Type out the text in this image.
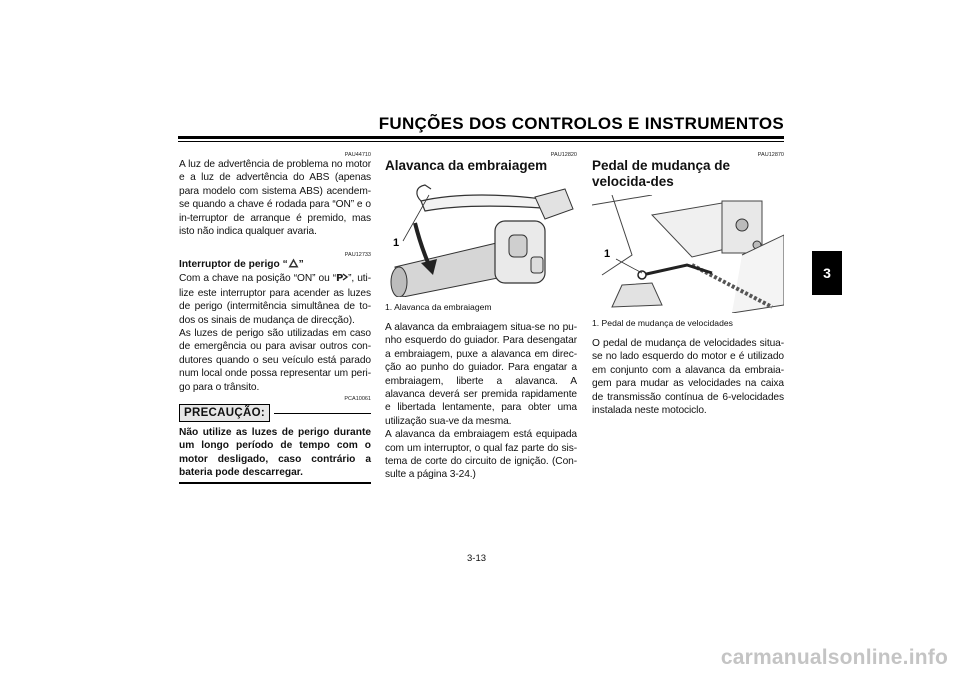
FUNÇÕES DOS CONTROLOS E INSTRUMENTOS
3
PAU44710

A luz de advertência de problema no motor e a luz de advertência do ABS (apenas para modelo com sistema ABS) acendem-se quando a chave é rodada para “ON” e o in-terruptor de arranque é premido, mas isto não indica qualquer avaria.

PAU12733
Interruptor de perigo “ ”

Com a chave na posição “ON” ou “ P ”, uti-lize este interruptor para acender as luzes de perigo (intermitência simultânea de to-dos os sinais de mudança de direcção).

As luzes de perigo são utilizadas em caso de emergência ou para avisar outros con-dutores quando o seu veículo está parado num local onde possa representar um peri-go para o trânsito.

PCA10061
PRECAUÇÃO:
Não utilize as luzes de perigo durante um longo período de tempo com o motor desligado, caso contrário a bateria pode descarregar.
PAU12820
Alavanca da embraiagem
1
1. Alavanca da embraiagem

A alavanca da embraiagem situa-se no pu-nho esquerdo do guiador. Para desengatar a embraiagem, puxe a alavanca em direc-ção ao punho do guiador. Para engatar a embraiagem, liberte a alavanca. A alavanca deverá ser premida rapidamente e libertada lentamente, para obter uma utilização sua-ve da mesma.

A alavanca da embraiagem está equipada com um interruptor, o qual faz parte do sis-tema de corte do circuito de ignição. (Con-sulte a página 3-24.)

PAU12870
Pedal de mudança de velocida-des
1
1. Pedal de mudança de velocidades

O pedal de mudança de velocidades situa-se no lado esquerdo do motor e é utilizado em conjunto com a alavanca da embraia-gem para mudar as velocidades na caixa de transmissão contínua de 6-velocidades instalada neste motociclo.

3-13
carmanualsonline.info
